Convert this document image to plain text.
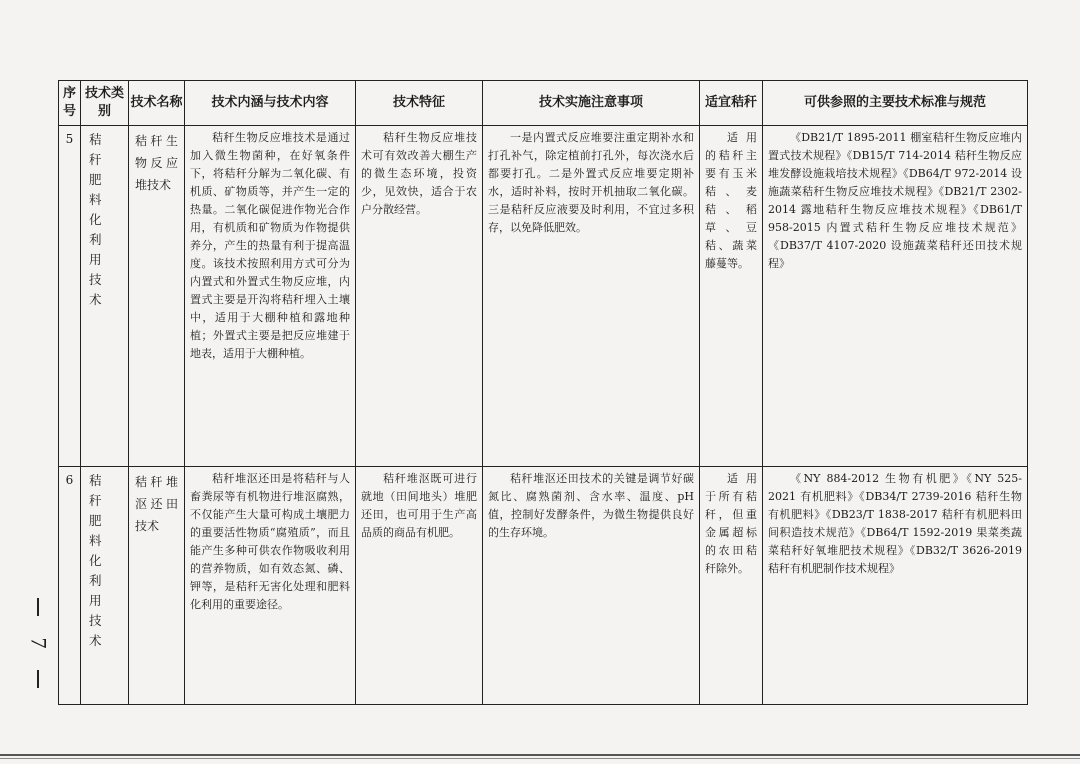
序号	技术类别	技术名称	技术内涵与技术内容	技术特征	技术实施注意事项	适宜秸秆	可供参照的主要技术标准与规范

5	秸秆肥料化利用技术	秸秆生物反应堆技术	秸秆生物反应堆技术是通过加入微生物菌种，在好氧条件下，将秸秆分解为二氧化碳、有机质、矿物质等，并产生一定的热量。二氧化碳促进作物光合作用，有机质和矿物质为作物提供养分，产生的热量有利于提高温度。该技术按照利用方式可分为内置式和外置式生物反应堆，内置式主要是开沟将秸秆埋入土壤中，适用于大棚种植和露地种植；外置式主要是把反应堆建于地表，适用于大棚种植。	秸秆生物反应堆技术可有效改善大棚生产的微生态环境，投资少，见效快，适合于农户分散经营。	一是内置式反应堆要注重定期补水和打孔补气，除定植前打孔外，每次浇水后都要打孔。二是外置式反应堆要定期补水，适时补料，按时开机抽取二氧化碳。三是秸秆反应液要及时利用，不宜过多积存，以免降低肥效。	适用的秸秆主要有玉米秸、麦秸、稻草、豆秸、蔬菜藤蔓等。	《DB21/T 1895-2011 棚室秸秆生物反应堆内置式技术规程》《DB15/T 714-2014 秸秆生物反应堆发酵设施栽培技术规程》《DB64/T 972-2014 设施蔬菜秸秆生物反应堆技术规程》《DB21/T 2302-2014 露地秸秆生物反应堆技术规程》《DB61/T 958-2015 内置式秸秆生物反应堆技术规范》《DB37/T 4107-2020 设施蔬菜秸秆还田技术规程》

6	秸秆肥料化利用技术	秸秆堆沤还田技术	秸秆堆沤还田是将秸秆与人畜粪尿等有机物进行堆沤腐熟，不仅能产生大量可构成土壤肥力的重要活性物质“腐殖质”，而且能产生多种可供农作物吸收利用的营养物质，如有效态氮、磷、钾等，是秸秆无害化处理和肥料化利用的重要途径。	秸秆堆沤既可进行就地（田间地头）堆肥还田，也可用于生产高品质的商品有机肥。	秸秆堆沤还田技术的关键是调节好碳氮比、腐熟菌剂、含水率、温度、pH 值，控制好发酵条件，为微生物提供良好的生存环境。	适用于所有秸秆，但重金属超标的农田秸秆除外。	《NY 884-2012 生物有机肥》《NY 525-2021 有机肥料》《DB34/T 2739-2016 秸秆生物有机肥料》《DB23/T 1838-2017 秸秆有机肥料田间积造技术规范》《DB64/T 1592-2019 果菜类蔬菜秸秆好氧堆肥技术规程》《DB32/T 3626-2019 秸秆有机肥制作技术规程》
7
